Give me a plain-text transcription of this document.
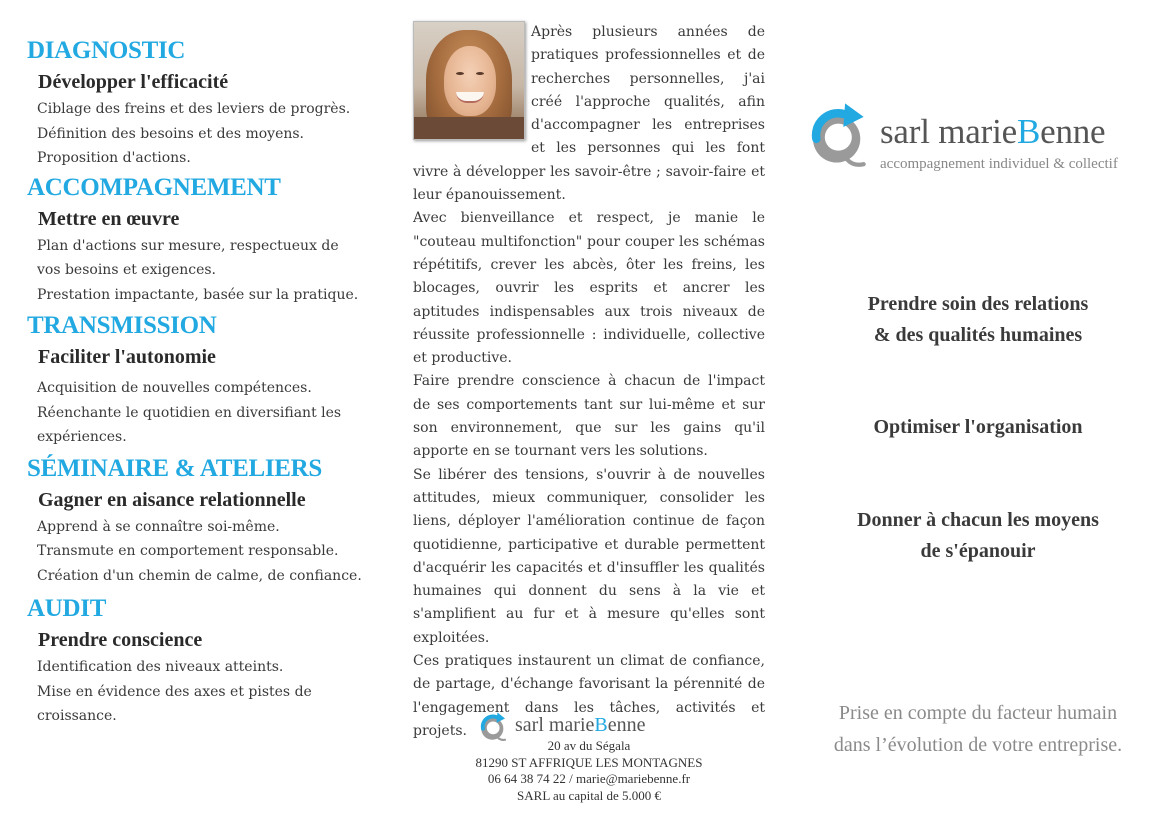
DIAGNOSTIC
Développer l'efficacité
Ciblage des freins et des leviers de progrès.
Définition des besoins et des moyens.
Proposition d'actions.
ACCOMPAGNEMENT
Mettre en œuvre
Plan d'actions sur mesure, respectueux de
vos besoins et exigences.
Prestation impactante, basée sur la pratique.
TRANSMISSION
Faciliter l'autonomie
Acquisition de nouvelles compétences.
Réenchante le quotidien en diversifiant les
expériences.
SÉMINAIRE & ATELIERS
Gagner en aisance relationnelle
Apprend à se connaître soi-même.
Transmute en comportement responsable.
Création d'un chemin de calme, de confiance.
AUDIT
Prendre conscience
Identification des niveaux atteints.
Mise en évidence des axes et pistes de
croissance.

Après plusieurs années de pratiques professionnelles et de recherches personnelles, j'ai créé l'approche qualités, afin d'accompagner les entreprises et les personnes qui les font vivre à développer les savoir-être ; savoir-faire et leur épanouissement.

Avec bienveillance et respect, je manie le "couteau multifonction" pour couper les schémas répétitifs, crever les abcès, ôter les freins, les blocages, ouvrir les esprits et ancrer les aptitudes indispensables aux trois niveaux de réussite professionnelle : individuelle, collective et productive.

Faire prendre conscience à chacun de l'impact de ses comportements tant sur lui-même et sur son environnement, que sur les gains qu'il apporte en se tournant vers les solutions.

Se libérer des tensions, s'ouvrir à de nouvelles attitudes, mieux communiquer, consolider les liens, déployer l'amélioration continue de façon quotidienne, participative et durable permettent d'acquérir les capacités et d'insuffler les qualités humaines qui donnent du sens à la vie et s'amplifient au fur et à mesure qu'elles sont exploitées.

Ces pratiques instaurent un climat de confiance, de partage, d'échange favorisant la pérennité de l'engagement dans les tâches, activités et projets.	sarl marieBenne
20 av du Ségala
81290 ST AFFRIQUE LES MONTAGNES
06 64 38 74 22 / marie@mariebenne.fr
SARL au capital de 5.000 €
sarl marieBenne
accompagnement individuel & collectif
Prendre soin des relations
& des qualités humaines
Optimiser l'organisation
Donner à chacun les moyens
de s'épanouir
Prise en compte du facteur humain
dans l’évolution de votre entreprise.
